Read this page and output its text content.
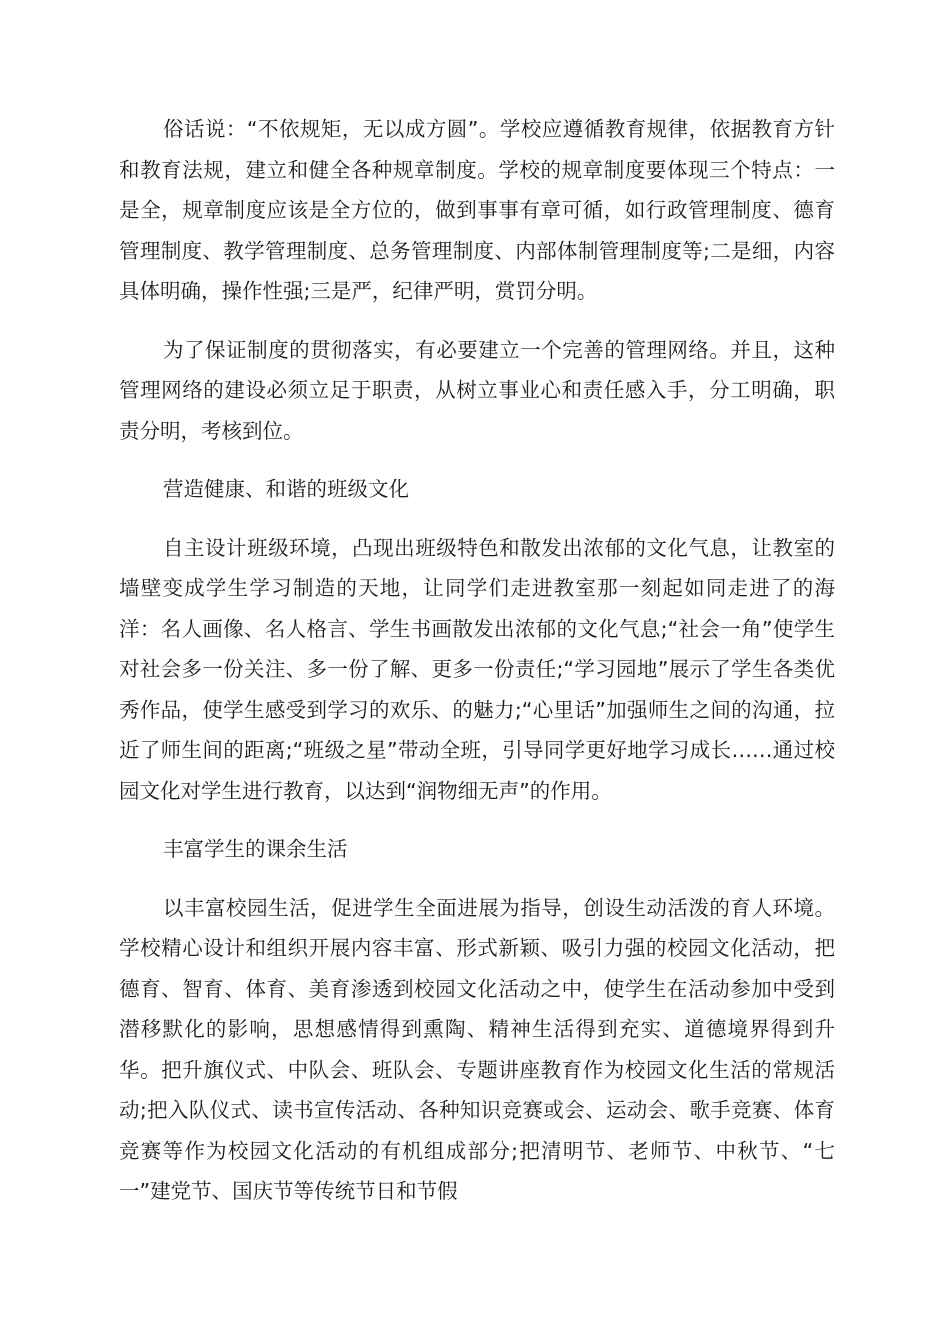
俗话说：“不依规矩，无以成方圆”。学校应遵循教育规律，依据教育方针和教育法规，建立和健全各种规章制度。学校的规章制度要体现三个特点：一是全，规章制度应该是全方位的，做到事事有章可循，如行政管理制度、德育管理制度、教学管理制度、总务管理制度、内部体制管理制度等;二是细，内容具体明确，操作性强;三是严，纪律严明，赏罚分明。

为了保证制度的贯彻落实，有必要建立一个完善的管理网络。并且，这种管理网络的建设必须立足于职责，从树立事业心和责任感入手，分工明确，职责分明，考核到位。

营造健康、和谐的班级文化

自主设计班级环境，凸现出班级特色和散发出浓郁的文化气息，让教室的墙壁变成学生学习制造的天地，让同学们走进教室那一刻起如同走进了的海洋：名人画像、名人格言、学生书画散发出浓郁的文化气息;“社会一角”使学生对社会多一份关注、多一份了解、更多一份责任;“学习园地”展示了学生各类优秀作品，使学生感受到学习的欢乐、的魅力;“心里话”加强师生之间的沟通，拉近了师生间的距离;“班级之星”带动全班，引导同学更好地学习成长……通过校园文化对学生进行教育，以达到“润物细无声”的作用。

丰富学生的课余生活

以丰富校园生活，促进学生全面进展为指导，创设生动活泼的育人环境。学校精心设计和组织开展内容丰富、形式新颖、吸引力强的校园文化活动，把德育、智育、体育、美育渗透到校园文化活动之中，使学生在活动参加中受到潜移默化的影响，思想感情得到熏陶、精神生活得到充实、道德境界得到升华。把升旗仪式、中队会、班队会、专题讲座教育作为校园文化生活的常规活动;把入队仪式、读书宣传活动、各种知识竞赛或会、运动会、歌手竞赛、体育竞赛等作为校园文化活动的有机组成部分;把清明节、老师节、中秋节、“七一”建党节、国庆节等传统节日和节假
